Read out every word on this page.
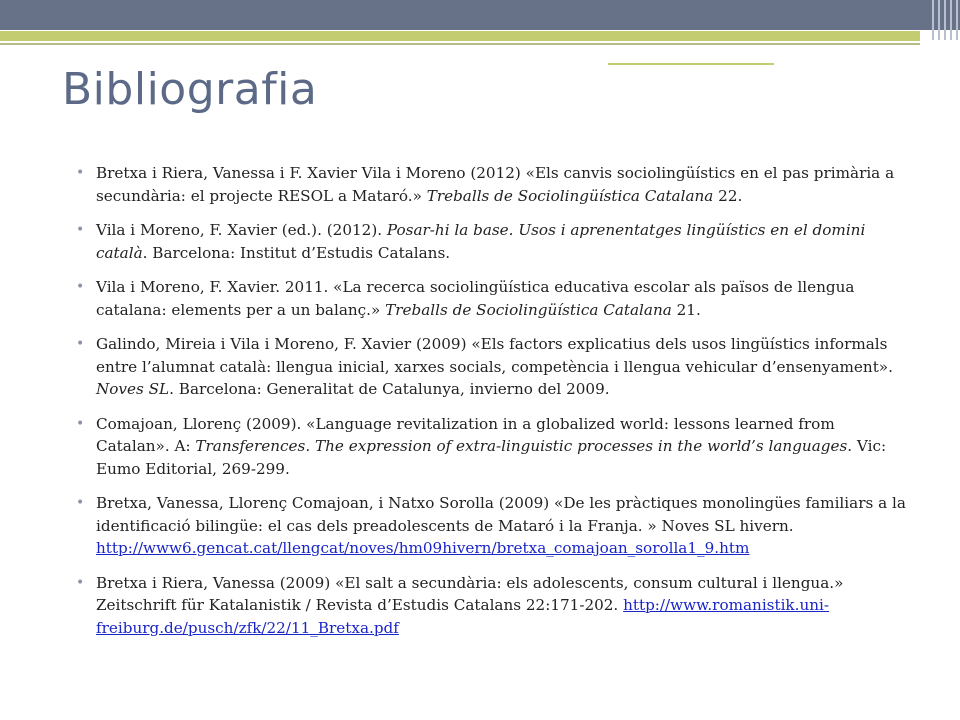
Bibliografia
• Bretxa i Riera, Vanessa i F. Xavier Vila i Moreno (2012) «Els canvis sociolingüístics en el pas primària a secundària: el projecte RESOL a Mataró.» Treballs de Sociolingüística Catalana 22.
• Vila i Moreno, F. Xavier (ed.). (2012). Posar-hi la base. Usos i aprenentatges lingüístics en el domini català. Barcelona: Institut d’Estudis Catalans.
• Vila i Moreno, F. Xavier. 2011. «La recerca sociolingüística educativa escolar als països de llengua catalana: elements per a un balanç.» Treballs de Sociolingüística Catalana 21.
• Galindo, Mireia i Vila i Moreno, F. Xavier (2009) «Els factors explicatius dels usos lingüístics informals entre l’alumnat català: llengua inicial, xarxes socials, competència i llengua vehicular d’ensenyament». Noves SL. Barcelona: Generalitat de Catalunya, invierno del 2009.
• Comajoan, Llorenç (2009). «Language revitalization in a globalized world: lessons learned from Catalan». A: Transferences. The expression of extra-linguistic processes in the world’s languages. Vic: Eumo Editorial, 269-299.
• Bretxa, Vanessa, Llorenç Comajoan, i Natxo Sorolla (2009) «De les pràctiques monolingües familiars a la identificació bilingüe: el cas dels preadolescents de Mataró i la Franja. » Noves SL hivern. http://www6.gencat.cat/llengcat/noves/hm09hivern/bretxa_comajoan_sorolla1_9.htm
• Bretxa i Riera, Vanessa (2009) «El salt a secundària: els adolescents, consum cultural i llengua.» Zeitschrift für Katalanistik / Revista d’Estudis Catalans 22:171-202. http://www.romanistik.uni-freiburg.de/pusch/zfk/22/11_Bretxa.pdf
